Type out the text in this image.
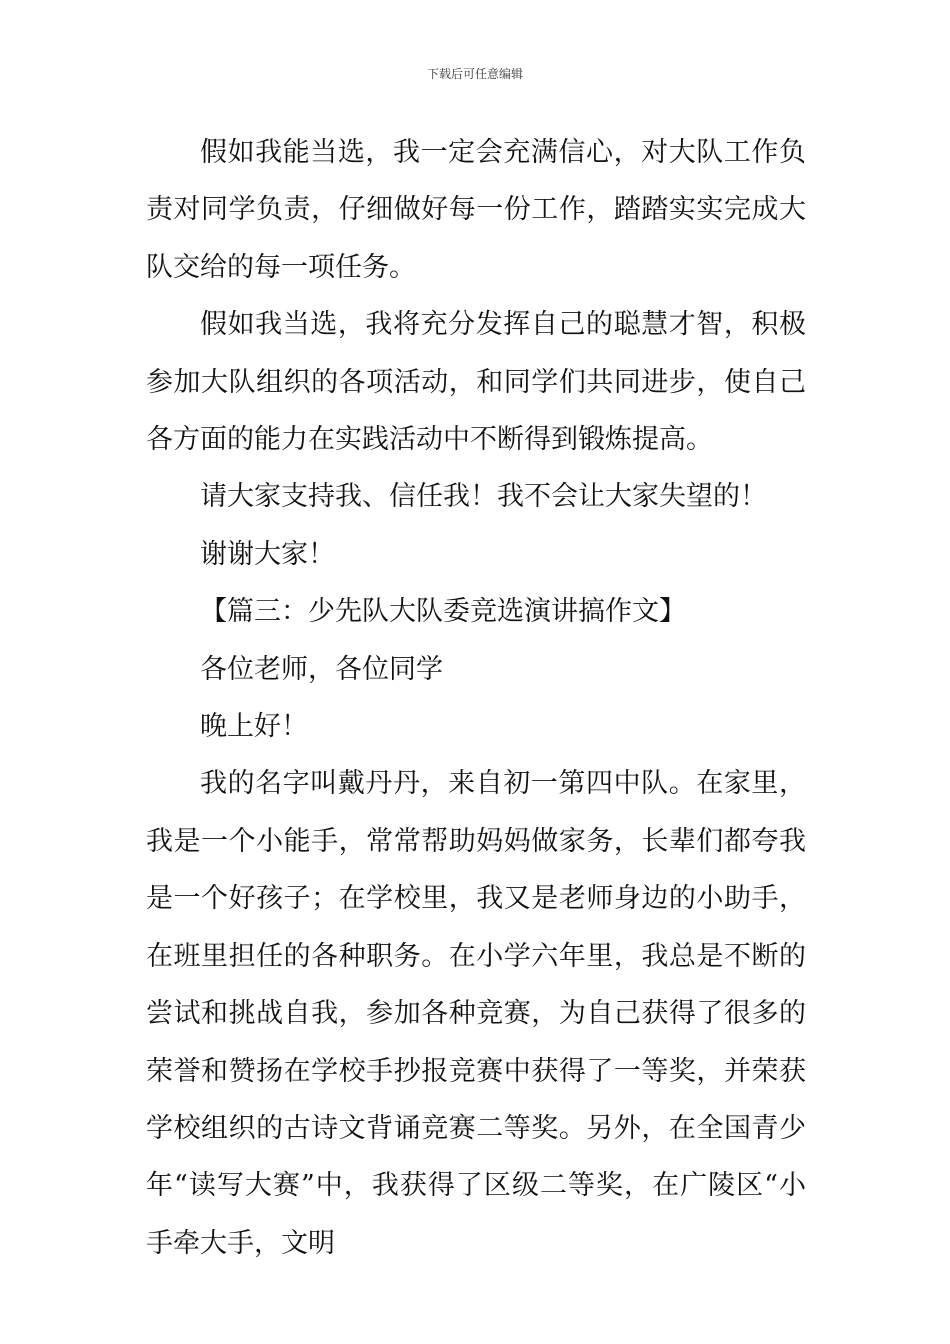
下载后可任意编辑

假如我能当选，我一定会充满信心，对大队工作负责对同学负责，仔细做好每一份工作，踏踏实实完成大队交给的每一项任务。

假如我当选，我将充分发挥自己的聪慧才智，积极参加大队组织的各项活动，和同学们共同进步，使自己各方面的能力在实践活动中不断得到锻炼提高。

请大家支持我、信任我！我不会让大家失望的！

谢谢大家！

【篇三：少先队大队委竞选演讲搞作文】

各位老师，各位同学

晚上好！

我的名字叫戴丹丹，来自初一第四中队。在家里，我是一个小能手，常常帮助妈妈做家务，长辈们都夸我是一个好孩子；在学校里，我又是老师身边的小助手，在班里担任的各种职务。在小学六年里，我总是不断的尝试和挑战自我，参加各种竞赛，为自己获得了很多的荣誉和赞扬在学校手抄报竞赛中获得了一等奖，并荣获学校组织的古诗文背诵竞赛二等奖。另外，在全国青少年“读写大赛”中，我获得了区级二等奖，在广陵区“小手牵大手，文明
